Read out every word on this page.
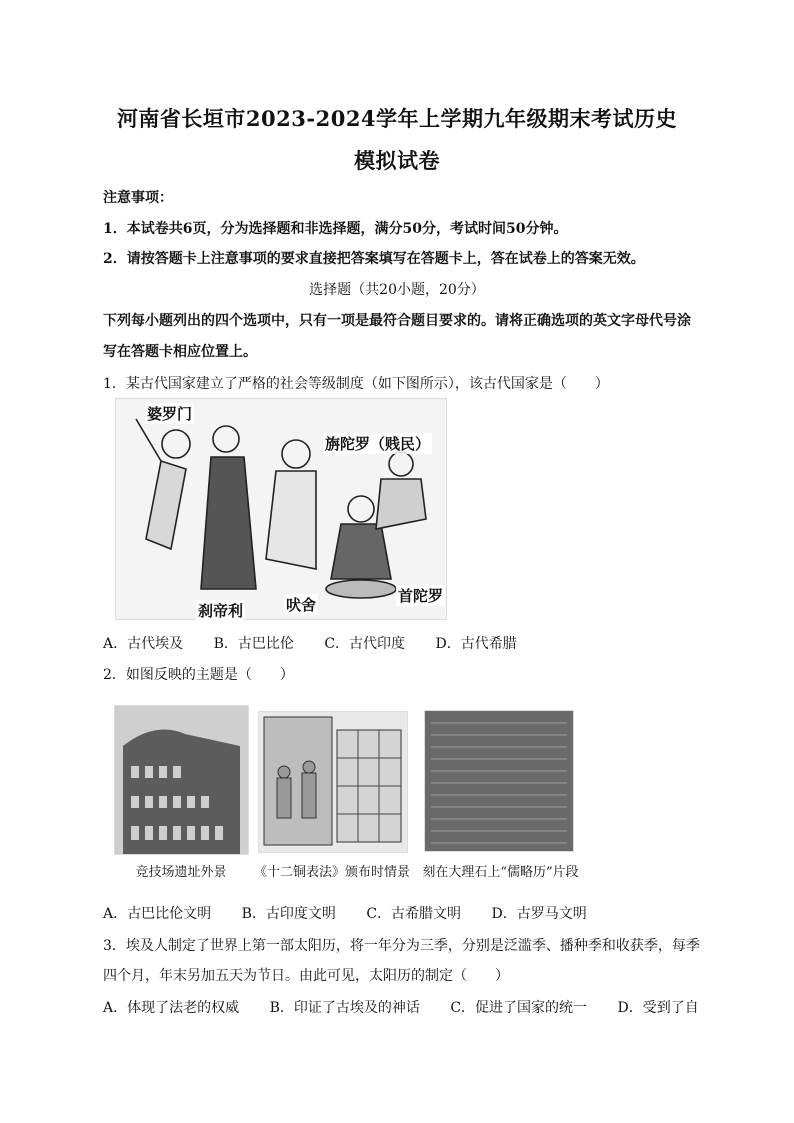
河南省长垣市2023-2024学年上学期九年级期末考试历史
模拟试卷
注意事项：
1．本试卷共6页，分为选择题和非选择题，满分50分，考试时间50分钟。
2．请按答题卡上注意事项的要求直接把答案填写在答题卡上，答在试卷上的答案无效。
选择题（共20小题，20分）
下列每小题列出的四个选项中，只有一项是最符合题目要求的。请将正确选项的英文字母代号涂
写在答题卡相应位置上。
1．某古代国家建立了严格的社会等级制度（如下图所示），该古代国家是（　　）
婆罗门
旃陀罗（贱民）
刹帝利	吠舍	首陀罗
A．古代埃及 B．古巴比伦 C．古代印度 D．古代希腊
2．如图反映的主题是（　　）
竞技场遗址外景	《十二铜表法》颁布时情景 刻在大理石上“儒略历”片段
A．古巴比伦文明 B．古印度文明 C．古希腊文明 D．古罗马文明
3．埃及人制定了世界上第一部太阳历，将一年分为三季，分别是泛滥季、播种季和收获季，每季
四个月，年末另加五天为节日。由此可见，太阳历的制定（　　）
A．体现了法老的权威 B．印证了古埃及的神话 C．促进了国家的统一 D．受到了自
